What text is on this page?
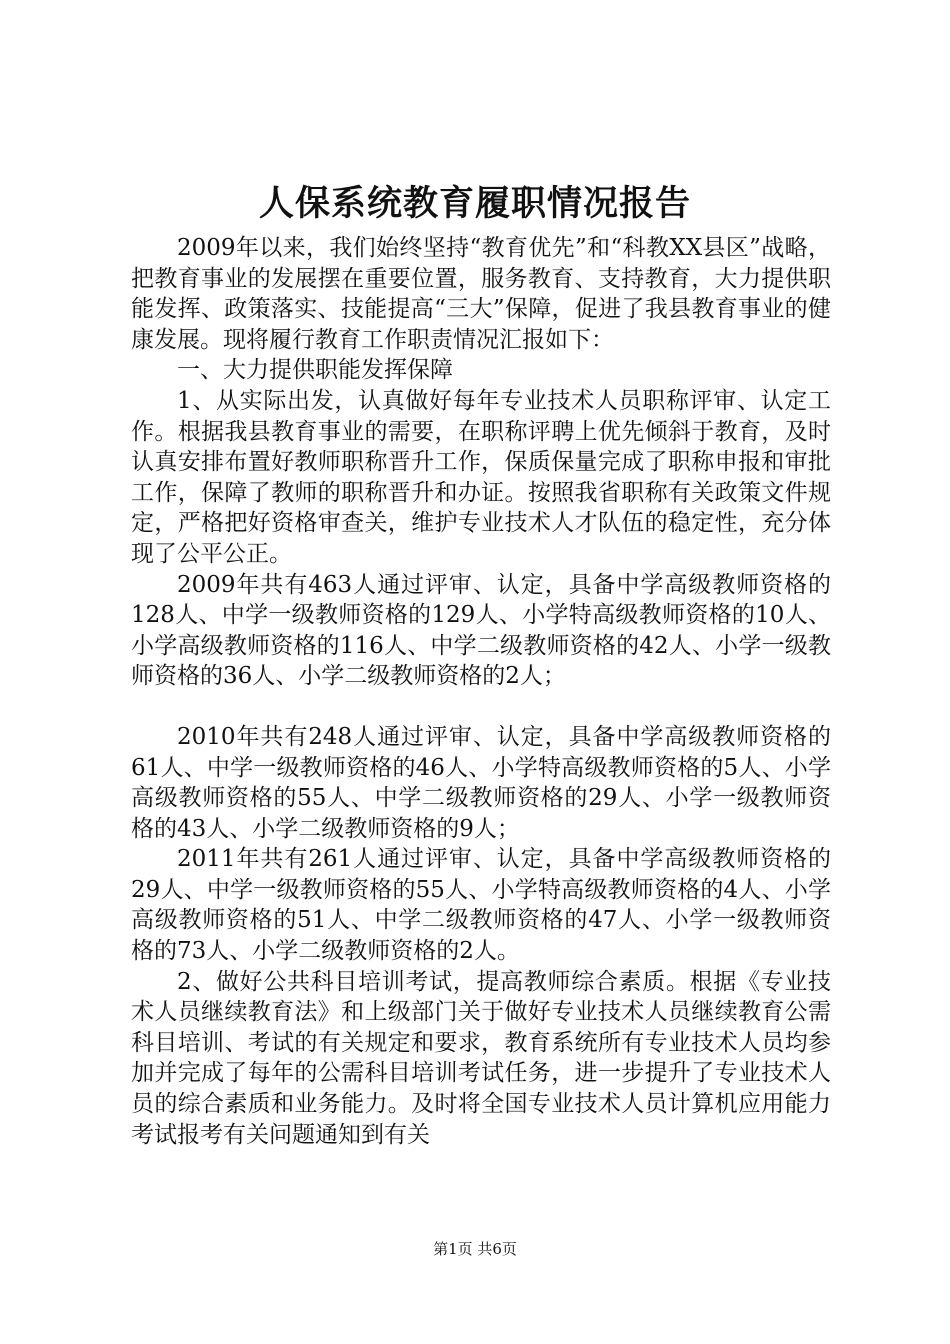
人保系统教育履职情况报告

2009年以来，我们始终坚持“教育优先”和“科教XX县区”战略，把教育事业的发展摆在重要位置，服务教育、支持教育，大力提供职能发挥、政策落实、技能提高“三大”保障，促进了我县教育事业的健康发展。现将履行教育工作职责情况汇报如下：

一、大力提供职能发挥保障

1、从实际出发，认真做好每年专业技术人员职称评审、认定工作。根据我县教育事业的需要，在职称评聘上优先倾斜于教育，及时认真安排布置好教师职称晋升工作，保质保量完成了职称申报和审批工作，保障了教师的职称晋升和办证。按照我省职称有关政策文件规定，严格把好资格审查关，维护专业技术人才队伍的稳定性，充分体现了公平公正。

2009年共有463人通过评审、认定，具备中学高级教师资格的128人、中学一级教师资格的129人、小学特高级教师资格的10人、小学高级教师资格的116人、中学二级教师资格的42人、小学一级教师资格的36人、小学二级教师资格的2人；

2010年共有248人通过评审、认定，具备中学高级教师资格的61人、中学一级教师资格的46人、小学特高级教师资格的5人、小学高级教师资格的55人、中学二级教师资格的29人、小学一级教师资格的43人、小学二级教师资格的9人；

2011年共有261人通过评审、认定，具备中学高级教师资格的29人、中学一级教师资格的55人、小学特高级教师资格的4人、小学高级教师资格的51人、中学二级教师资格的47人、小学一级教师资格的73人、小学二级教师资格的2人。

2、做好公共科目培训考试，提高教师综合素质。根据《专业技术人员继续教育法》和上级部门关于做好专业技术人员继续教育公需科目培训、考试的有关规定和要求，教育系统所有专业技术人员均参加并完成了每年的公需科目培训考试任务，进一步提升了专业技术人员的综合素质和业务能力。及时将全国专业技术人员计算机应用能力考试报考有关问题通知到有关

第1页 共6页
